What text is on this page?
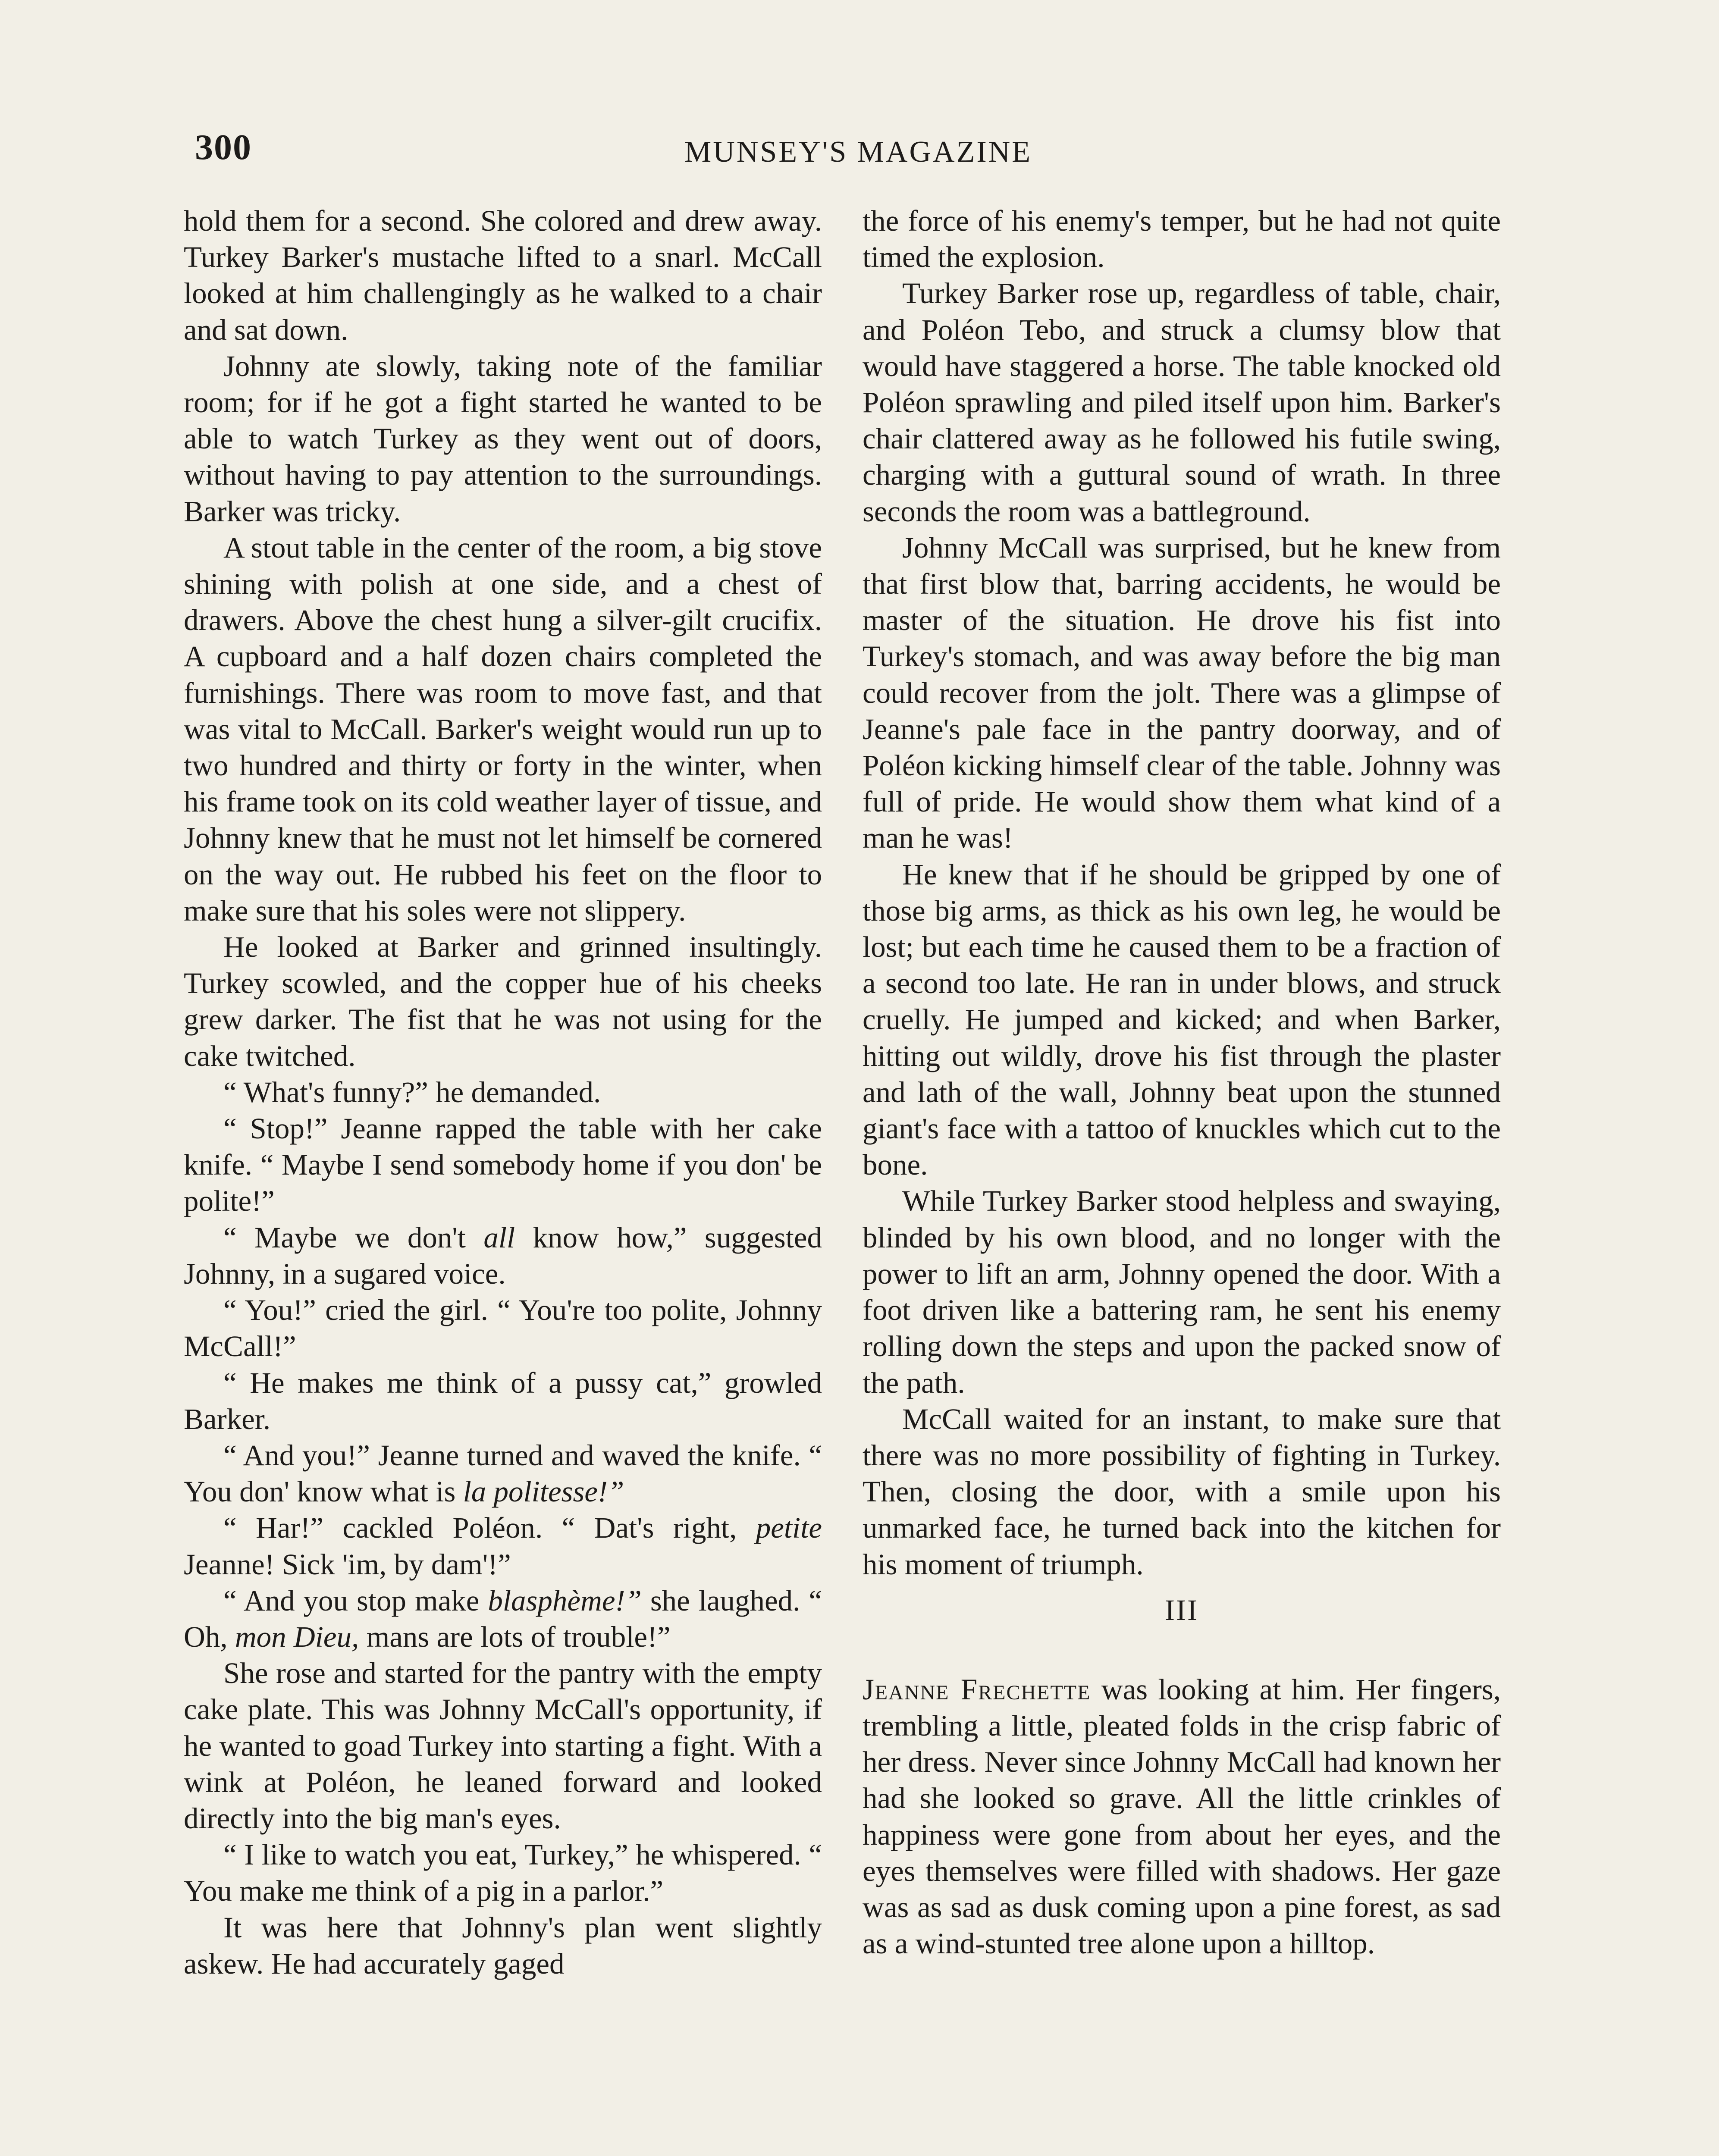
300	MUNSEY'S MAGAZINE

hold them for a second. She colored and drew away. Turkey Barker's mustache lifted to a snarl. McCall looked at him challengingly as he walked to a chair and sat down.

Johnny ate slowly, taking note of the familiar room; for if he got a fight started he wanted to be able to watch Turkey as they went out of doors, without having to pay attention to the surroundings. Barker was tricky.

A stout table in the center of the room, a big stove shining with polish at one side, and a chest of drawers. Above the chest hung a silver-gilt crucifix. A cupboard and a half dozen chairs completed the furnishings. There was room to move fast, and that was vital to McCall. Barker's weight would run up to two hundred and thirty or forty in the winter, when his frame took on its cold weather layer of tissue, and Johnny knew that he must not let himself be cornered on the way out. He rubbed his feet on the floor to make sure that his soles were not slippery.

He looked at Barker and grinned insultingly. Turkey scowled, and the copper hue of his cheeks grew darker. The fist that he was not using for the cake twitched.

“ What's funny?” he demanded.

“ Stop!” Jeanne rapped the table with her cake knife. “ Maybe I send somebody home if you don' be polite!”

“ Maybe we don't all know how,” suggested Johnny, in a sugared voice.

“ You!” cried the girl. “ You're too polite, Johnny McCall!”

“ He makes me think of a pussy cat,” growled Barker.

“ And you!” Jeanne turned and waved the knife. “ You don' know what is la politesse!”

“ Har!” cackled Poléon. “ Dat's right, petite Jeanne! Sick 'im, by dam'!”

“ And you stop make blasphème!” she laughed. “ Oh, mon Dieu, mans are lots of trouble!”

She rose and started for the pantry with the empty cake plate. This was Johnny McCall's opportunity, if he wanted to goad Turkey into starting a fight. With a wink at Poléon, he leaned forward and looked directly into the big man's eyes.

“ I like to watch you eat, Turkey,” he whispered. “ You make me think of a pig in a parlor.”

It was here that Johnny's plan went slightly askew. He had accurately gaged

the force of his enemy's temper, but he had not quite timed the explosion.

Turkey Barker rose up, regardless of table, chair, and Poléon Tebo, and struck a clumsy blow that would have staggered a horse. The table knocked old Poléon sprawling and piled itself upon him. Barker's chair clattered away as he followed his futile swing, charging with a guttural sound of wrath. In three seconds the room was a battleground.

Johnny McCall was surprised, but he knew from that first blow that, barring accidents, he would be master of the situation. He drove his fist into Turkey's stomach, and was away before the big man could recover from the jolt. There was a glimpse of Jeanne's pale face in the pantry doorway, and of Poléon kicking himself clear of the table. Johnny was full of pride. He would show them what kind of a man he was!

He knew that if he should be gripped by one of those big arms, as thick as his own leg, he would be lost; but each time he caused them to be a fraction of a second too late. He ran in under blows, and struck cruelly. He jumped and kicked; and when Barker, hitting out wildly, drove his fist through the plaster and lath of the wall, Johnny beat upon the stunned giant's face with a tattoo of knuckles which cut to the bone.

While Turkey Barker stood helpless and swaying, blinded by his own blood, and no longer with the power to lift an arm, Johnny opened the door. With a foot driven like a battering ram, he sent his enemy rolling down the steps and upon the packed snow of the path.

McCall waited for an instant, to make sure that there was no more possibility of fighting in Turkey. Then, closing the door, with a smile upon his unmarked face, he turned back into the kitchen for his moment of triumph.

III

Jeanne Frechette was looking at him. Her fingers, trembling a little, pleated folds in the crisp fabric of her dress. Never since Johnny McCall had known her had she looked so grave. All the little crinkles of happiness were gone from about her eyes, and the eyes themselves were filled with shadows. Her gaze was as sad as dusk coming upon a pine forest, as sad as a wind-stunted tree alone upon a hilltop.
